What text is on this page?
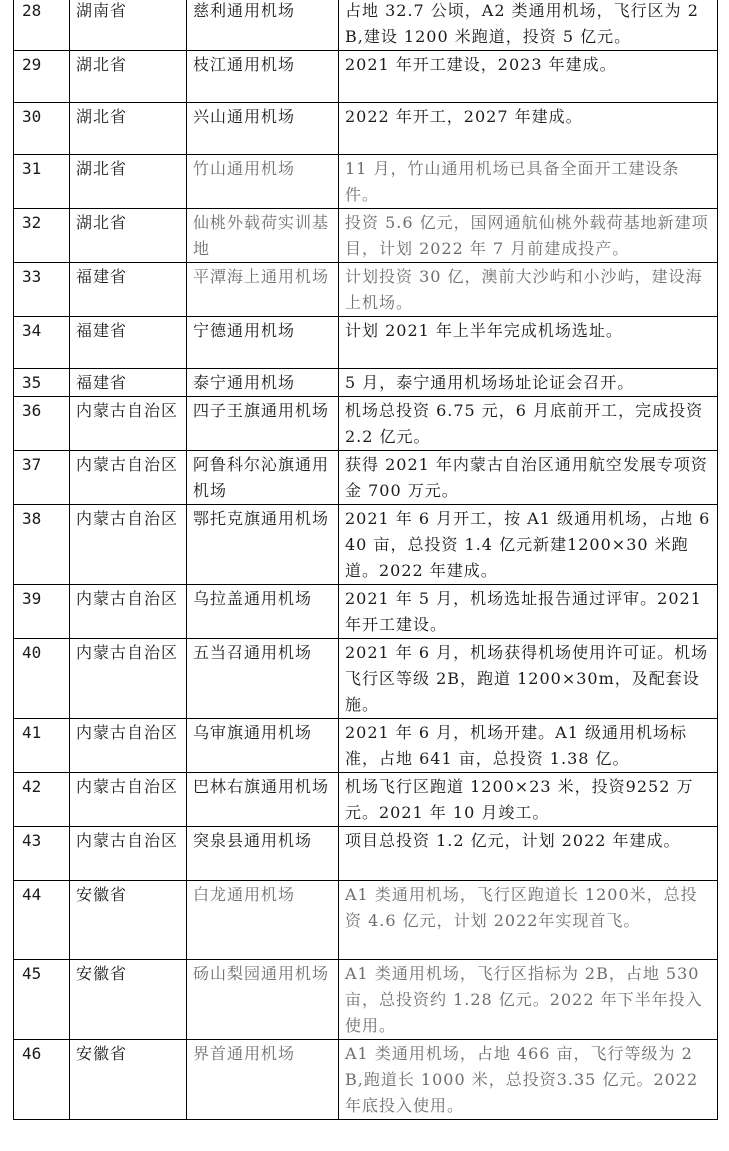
28	湖南省	慈利通用机场	占地 32.7 公顷，A2 类通用机场，飞行区为 2B,建设 1200 米跑道，投资 5 亿元。
29	湖北省	枝江通用机场	2021 年开工建设，2023 年建成。
30	湖北省	兴山通用机场	2022 年开工，2027 年建成。
31	湖北省	竹山通用机场	11 月，竹山通用机场已具备全面开工建设条件。
32	湖北省	仙桃外载荷实训基地	投资 5.6 亿元，国网通航仙桃外载荷基地新建项目，计划 2022 年 7 月前建成投产。
33	福建省	平潭海上通用机场	计划投资 30 亿，澳前大沙屿和小沙屿，建设海上机场。
34	福建省	宁德通用机场	计划 2021 年上半年完成机场选址。
35	福建省	泰宁通用机场	5 月，泰宁通用机场场址论证会召开。
36	内蒙古自治区	四子王旗通用机场	机场总投资 6.75 元，6 月底前开工，完成投资 2.2 亿元。
37	内蒙古自治区	阿鲁科尔沁旗通用机场	获得 2021 年内蒙古自治区通用航空发展专项资金 700 万元。
38	内蒙古自治区	鄂托克旗通用机场	2021 年 6 月开工，按 A1 级通用机场，占地 640 亩，总投资 1.4 亿元新建1200×30 米跑道。2022 年建成。
39	内蒙古自治区	乌拉盖通用机场	2021 年 5 月，机场选址报告通过评审。2021 年开工建设。
40	内蒙古自治区	五当召通用机场	2021 年 6 月，机场获得机场使用许可证。机场飞行区等级 2B，跑道 1200×30m，及配套设施。
41	内蒙古自治区	乌审旗通用机场	2021 年 6 月，机场开建。A1 级通用机场标准，占地 641 亩，总投资 1.38 亿。
42	内蒙古自治区	巴林右旗通用机场	机场飞行区跑道 1200×23 米，投资9252 万元。2021 年 10 月竣工。
43	内蒙古自治区	突泉县通用机场	项目总投资 1.2 亿元，计划 2022 年建成。
44	安徽省	白龙通用机场	A1 类通用机场，飞行区跑道长 1200米，总投资 4.6 亿元，计划 2022年实现首飞。
45	安徽省	砀山梨园通用机场	A1 类通用机场，飞行区指标为 2B，占地 530 亩，总投资约 1.28 亿元。2022 年下半年投入使用。
46	安徽省	界首通用机场	A1 类通用机场，占地 466 亩，飞行等级为 2B,跑道长 1000 米，总投资3.35 亿元。2022 年底投入使用。
